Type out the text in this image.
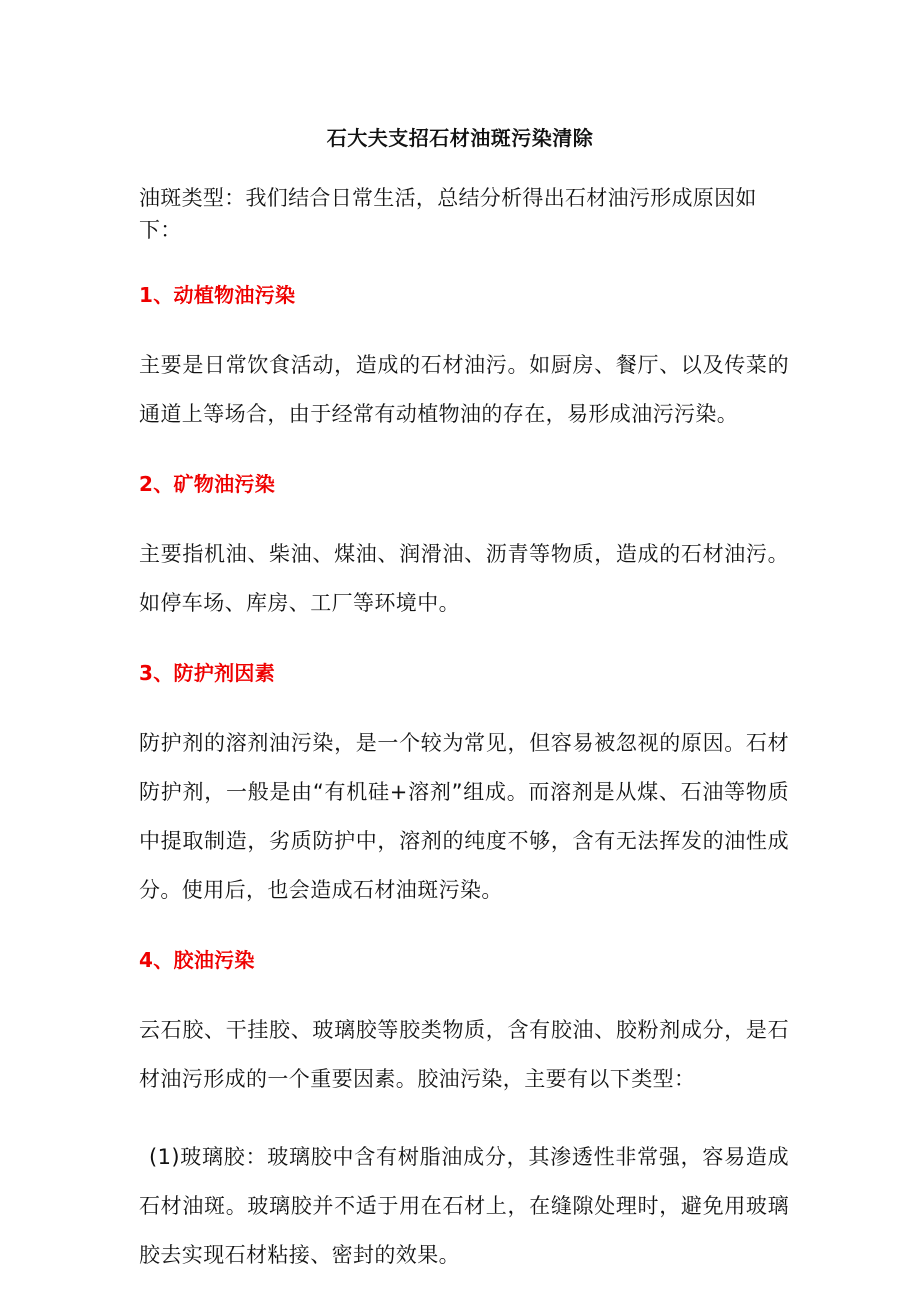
石大夫支招石材油斑污染清除
油斑类型：我们结合日常生活，总结分析得出石材油污形成原因如下：
1、动植物油污染
主要是日常饮食活动，造成的石材油污。如厨房、餐厅、以及传菜的通道上等场合，由于经常有动植物油的存在，易形成油污污染。
2、矿物油污染
主要指机油、柴油、煤油、润滑油、沥青等物质，造成的石材油污。如停车场、库房、工厂等环境中。
3、防护剂因素
防护剂的溶剂油污染，是一个较为常见，但容易被忽视的原因。石材防护剂，一般是由“有机硅+溶剂”组成。而溶剂是从煤、石油等物质中提取制造，劣质防护中，溶剂的纯度不够，含有无法挥发的油性成分。使用后，也会造成石材油斑污染。
4、胶油污染
云石胶、干挂胶、玻璃胶等胶类物质，含有胶油、胶粉剂成分，是石材油污形成的一个重要因素。胶油污染，主要有以下类型：
(1)玻璃胶：玻璃胶中含有树脂油成分，其渗透性非常强，容易造成石材油斑。玻璃胶并不适于用在石材上，在缝隙处理时，避免用玻璃胶去实现石材粘接、密封的效果。
